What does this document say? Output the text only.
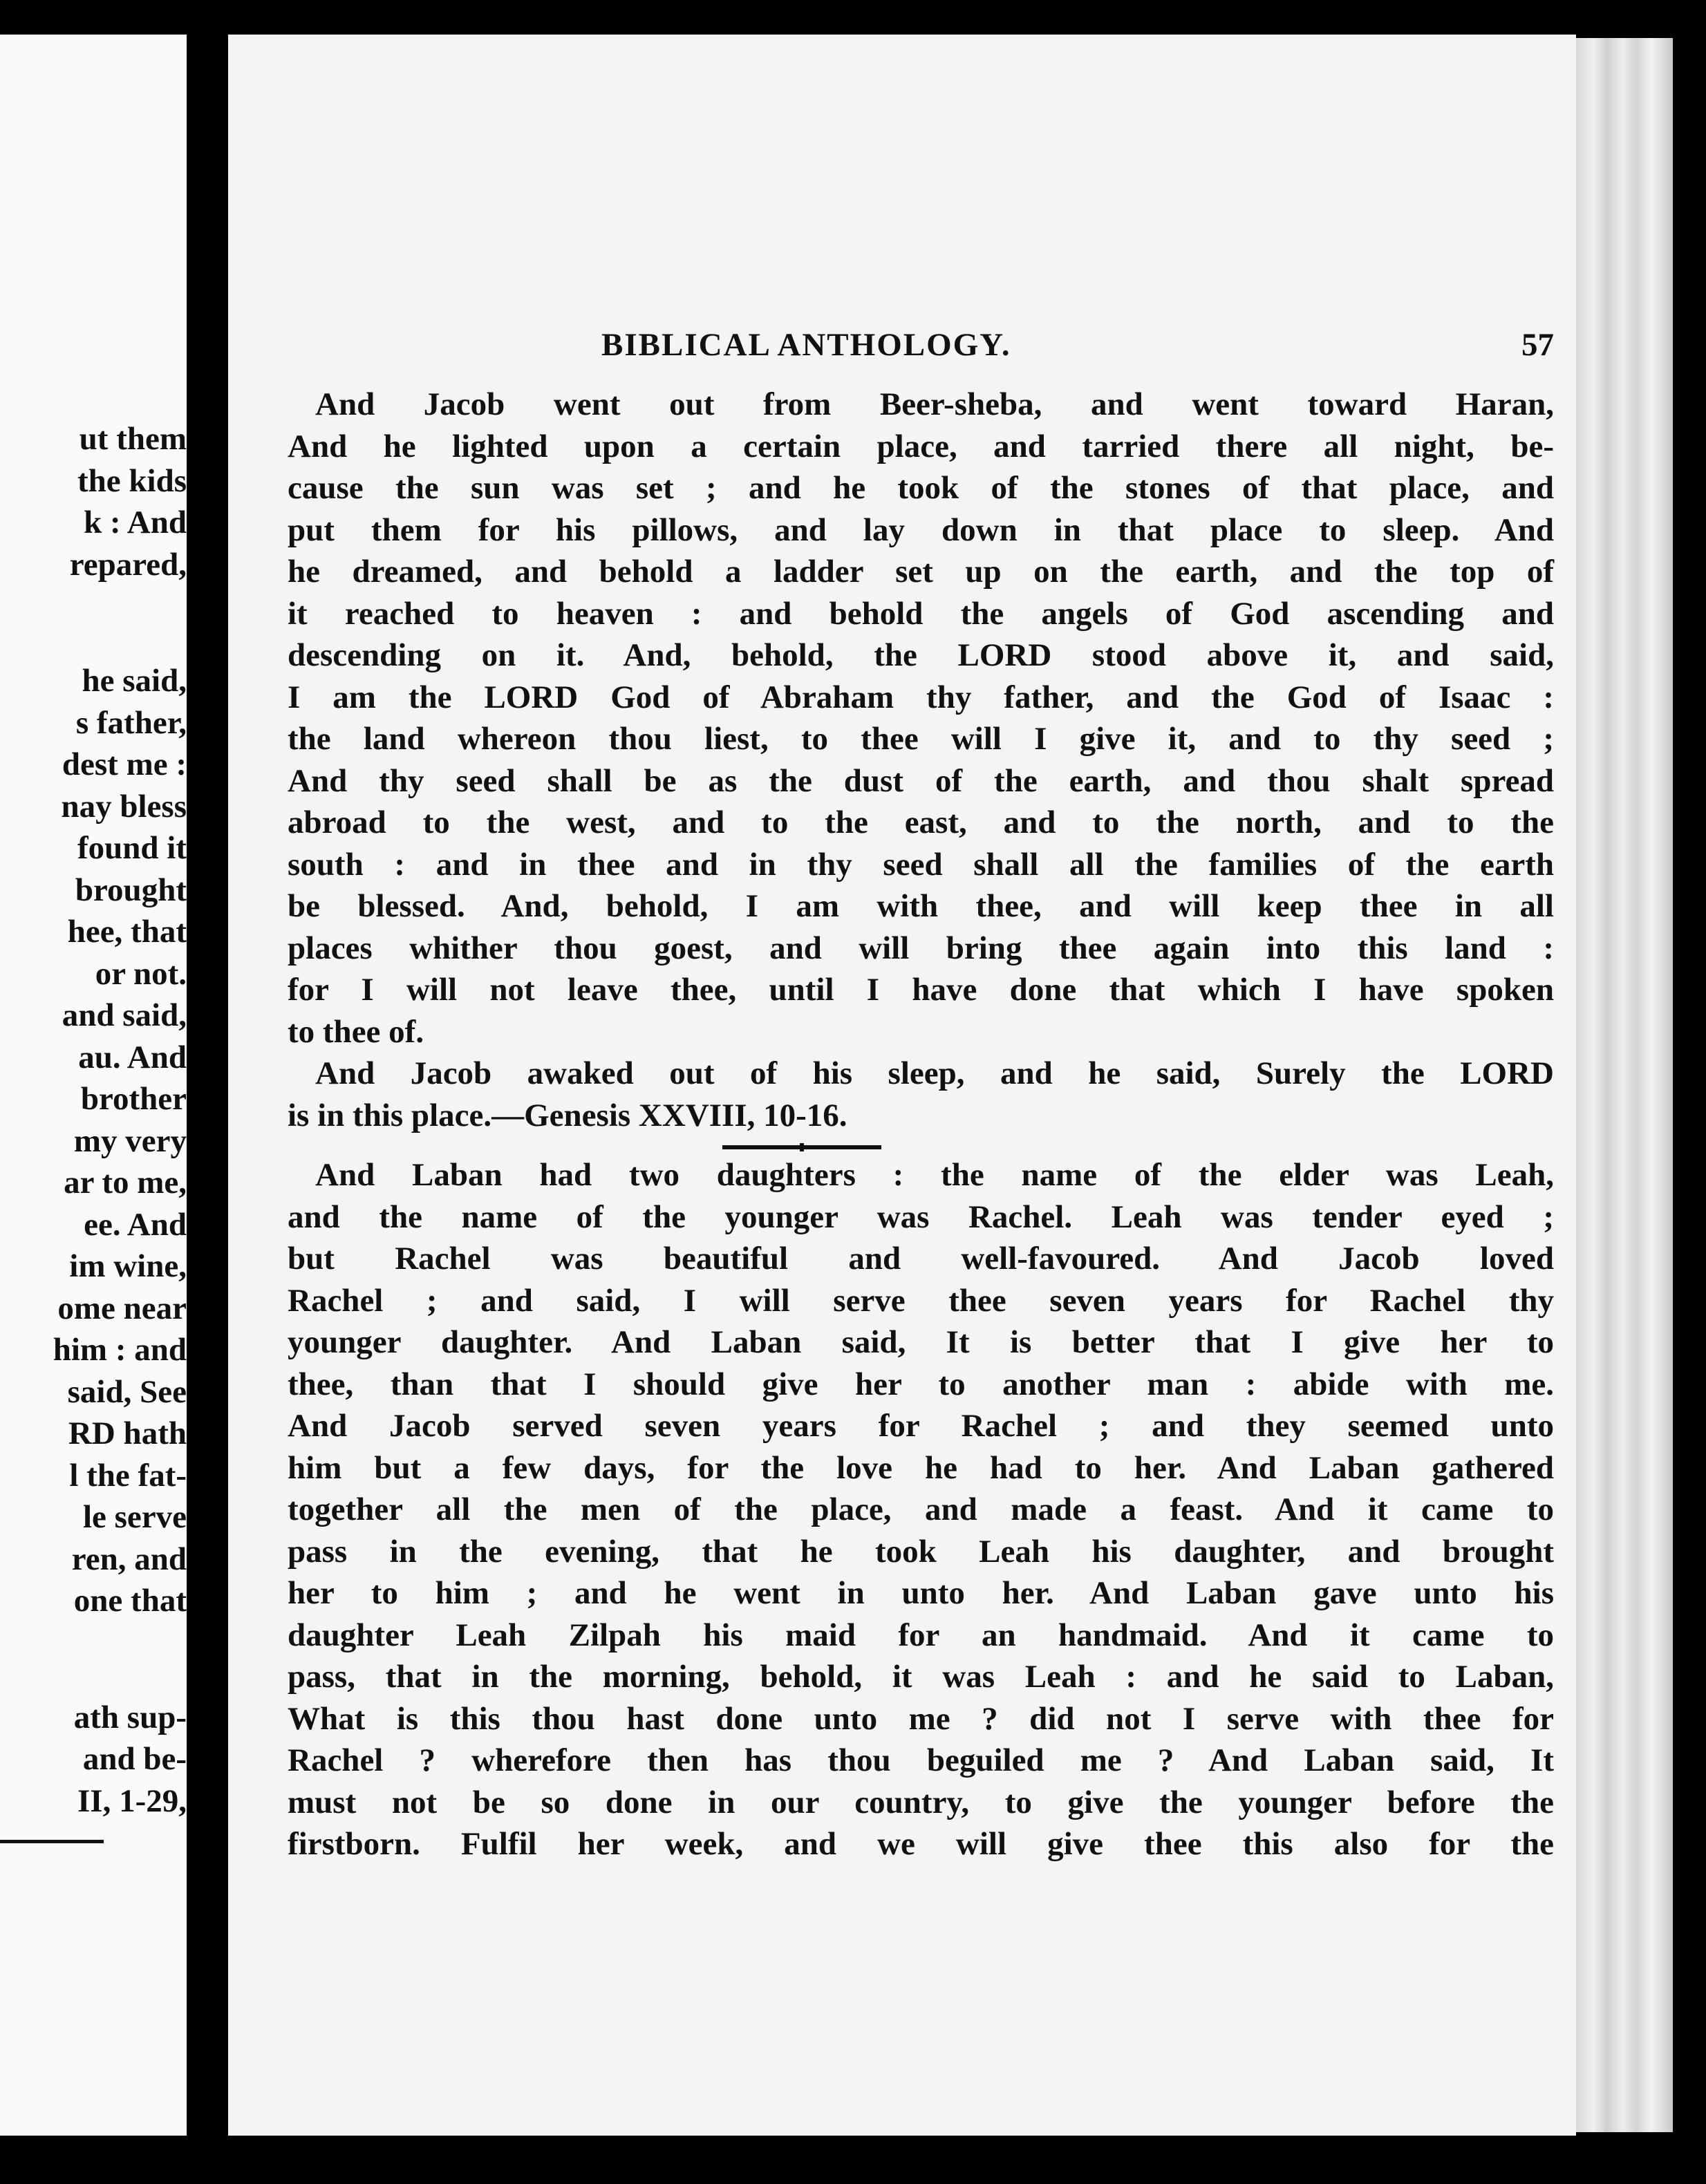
ut them
the kids
k : And
repared,
he said,
s father,
dest me :
nay bless
found it
brought
hee, that
or not.
and said,
au. And
brother
my very
ar to me,
ee. And
im wine,
ome near
him : and
said, See
RD hath
l the fat-
le serve
ren, and
one that
ath sup-
and be-
II, 1-29,
BIBLICAL ANTHOLOGY.	57
And Jacob went out from Beer-sheba, and went toward Haran,
And he lighted upon a certain place, and tarried there all night, be-
cause the sun was set ; and he took of the stones of that place, and
put them for his pillows, and lay down in that place to sleep. And
he dreamed, and behold a ladder set up on the earth, and the top of
it reached to heaven : and behold the angels of God ascending and
descending on it. And, behold, the LORD stood above it, and said,
I am the LORD God of Abraham thy father, and the God of Isaac :
the land whereon thou liest, to thee will I give it, and to thy seed ;
And thy seed shall be as the dust of the earth, and thou shalt spread
abroad to the west, and to the east, and to the north, and to the
south : and in thee and in thy seed shall all the families of the earth
be blessed. And, behold, I am with thee, and will keep thee in all
places whither thou goest, and will bring thee again into this land :
for I will not leave thee, until I have done that which I have spoken
to thee of.
And Jacob awaked out of his sleep, and he said, Surely the LORD
is in this place.—Genesis XXVIII, 10-16.
And Laban had two daughters : the name of the elder was Leah,
and the name of the younger was Rachel. Leah was tender eyed ;
but Rachel was beautiful and well-favoured. And Jacob loved
Rachel ; and said, I will serve thee seven years for Rachel thy
younger daughter. And Laban said, It is better that I give her to
thee, than that I should give her to another man : abide with me.
And Jacob served seven years for Rachel ; and they seemed unto
him but a few days, for the love he had to her. And Laban gathered
together all the men of the place, and made a feast. And it came to
pass in the evening, that he took Leah his daughter, and brought
her to him ; and he went in unto her. And Laban gave unto his
daughter Leah Zilpah his maid for an handmaid. And it came to
pass, that in the morning, behold, it was Leah : and he said to Laban,
What is this thou hast done unto me ? did not I serve with thee for
Rachel ? wherefore then has thou beguiled me ? And Laban said, It
must not be so done in our country, to give the younger before the
firstborn. Fulfil her week, and we will give thee this also for the
